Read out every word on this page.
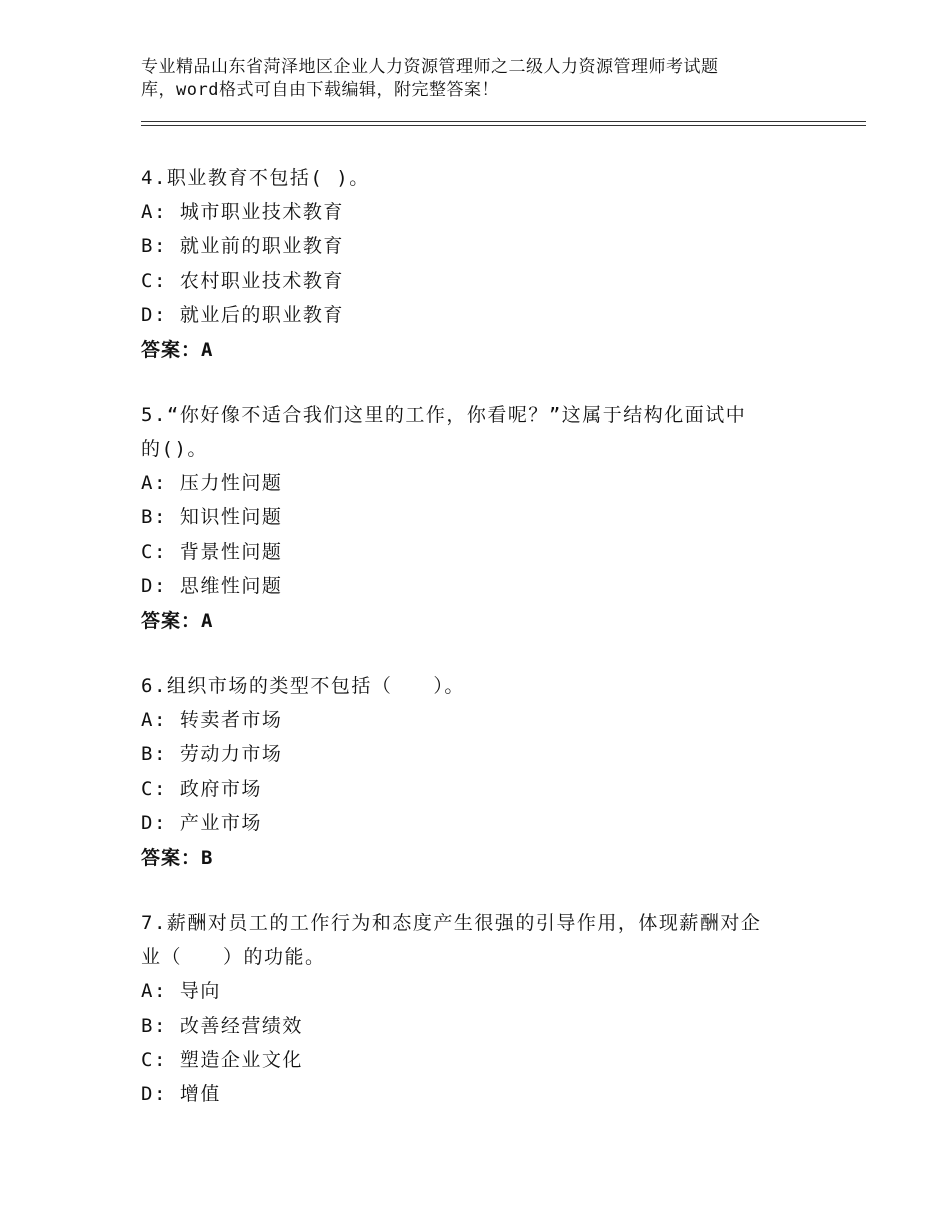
专业精品山东省菏泽地区企业人力资源管理师之二级人力资源管理师考试题
库，word格式可自由下载编辑，附完整答案！

4.职业教育不包括( )。

A: 城市职业技术教育

B: 就业前的职业教育

C: 农村职业技术教育

D: 就业后的职业教育

答案：A

5.“你好像不适合我们这里的工作，你看呢？”这属于结构化面试中

的()。

A: 压力性问题

B: 知识性问题

C: 背景性问题

D: 思维性问题

答案：A

6.组织市场的类型不包括（　　）。

A: 转卖者市场

B: 劳动力市场

C: 政府市场

D: 产业市场

答案：B

7.薪酬对员工的工作行为和态度产生很强的引导作用，体现薪酬对企

业（　　）的功能。

A: 导向

B: 改善经营绩效

C: 塑造企业文化

D: 增值
